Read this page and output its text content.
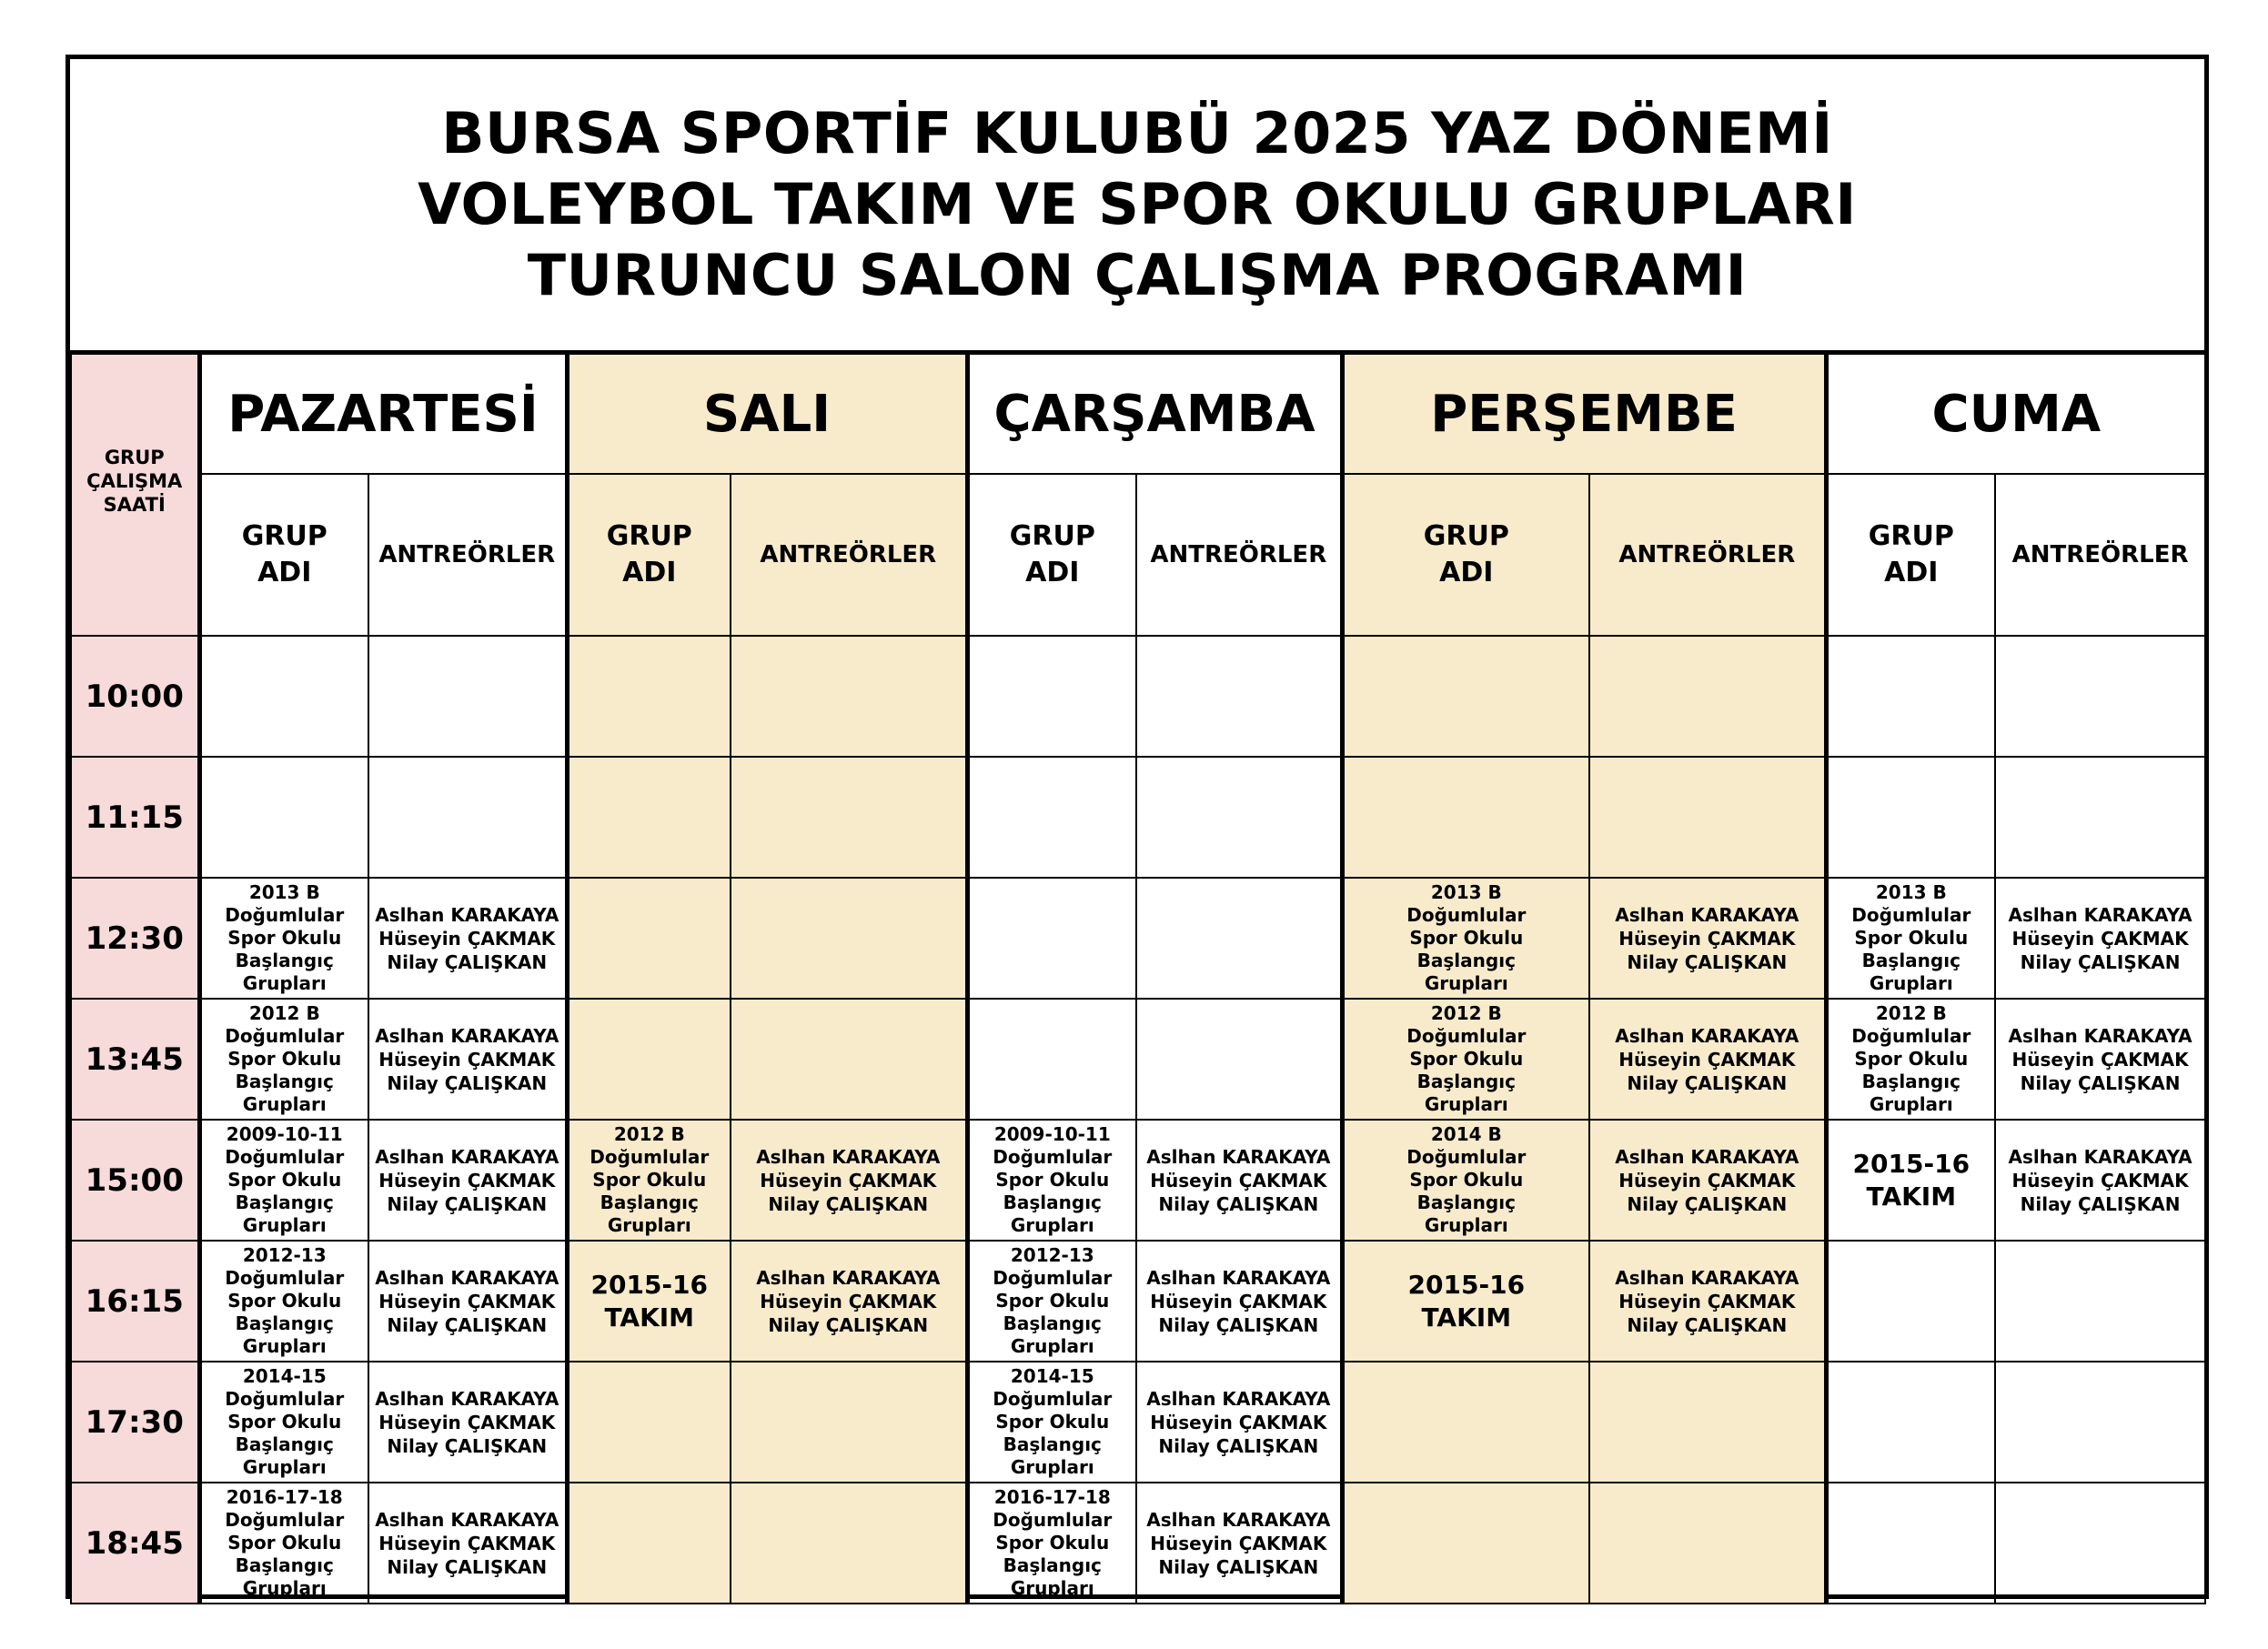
BURSA SPORTİF KULUBÜ 2025 YAZ DÖNEMİ
VOLEYBOL TAKIM VE SPOR OKULU GRUPLARI
TURUNCU SALON ÇALIŞMA PROGRAMI
GRUP
ÇALIŞMA
SAATİ	PAZARTESİ		SALI		ÇARŞAMBA		PERŞEMBE		CUMA	
	GRUP
ADI	ANTREÖRLER	GRUP
ADI	ANTREÖRLER	GRUP
ADI	ANTREÖRLER	GRUP
ADI	ANTREÖRLER	GRUP
ADI	ANTREÖRLER
10:00										
11:15										
12:30	2013 B
Doğumlular
Spor Okulu
Başlangıç
Grupları	Aslhan KARAKAYA
Hüseyin ÇAKMAK
Nilay ÇALIŞKAN					2013 B
Doğumlular
Spor Okulu
Başlangıç
Grupları	Aslhan KARAKAYA
Hüseyin ÇAKMAK
Nilay ÇALIŞKAN	2013 B
Doğumlular
Spor Okulu
Başlangıç
Grupları	Aslhan KARAKAYA
Hüseyin ÇAKMAK
Nilay ÇALIŞKAN
13:45	2012 B
Doğumlular
Spor Okulu
Başlangıç
Grupları	Aslhan KARAKAYA
Hüseyin ÇAKMAK
Nilay ÇALIŞKAN					2012 B
Doğumlular
Spor Okulu
Başlangıç
Grupları	Aslhan KARAKAYA
Hüseyin ÇAKMAK
Nilay ÇALIŞKAN	2012 B
Doğumlular
Spor Okulu
Başlangıç
Grupları	Aslhan KARAKAYA
Hüseyin ÇAKMAK
Nilay ÇALIŞKAN
15:00	2009-10-11
Doğumlular
Spor Okulu
Başlangıç
Grupları	Aslhan KARAKAYA
Hüseyin ÇAKMAK
Nilay ÇALIŞKAN	2012 B
Doğumlular
Spor Okulu
Başlangıç
Grupları	Aslhan KARAKAYA
Hüseyin ÇAKMAK
Nilay ÇALIŞKAN	2009-10-11
Doğumlular
Spor Okulu
Başlangıç
Grupları	Aslhan KARAKAYA
Hüseyin ÇAKMAK
Nilay ÇALIŞKAN	2014 B
Doğumlular
Spor Okulu
Başlangıç
Grupları	Aslhan KARAKAYA
Hüseyin ÇAKMAK
Nilay ÇALIŞKAN	2015-16
TAKIM	Aslhan KARAKAYA
Hüseyin ÇAKMAK
Nilay ÇALIŞKAN
16:15	2012-13
Doğumlular
Spor Okulu
Başlangıç
Grupları	Aslhan KARAKAYA
Hüseyin ÇAKMAK
Nilay ÇALIŞKAN	2015-16
TAKIM	Aslhan KARAKAYA
Hüseyin ÇAKMAK
Nilay ÇALIŞKAN	2012-13
Doğumlular
Spor Okulu
Başlangıç
Grupları	Aslhan KARAKAYA
Hüseyin ÇAKMAK
Nilay ÇALIŞKAN	2015-16
TAKIM	Aslhan KARAKAYA
Hüseyin ÇAKMAK
Nilay ÇALIŞKAN		
17:30	2014-15
Doğumlular
Spor Okulu
Başlangıç
Grupları	Aslhan KARAKAYA
Hüseyin ÇAKMAK
Nilay ÇALIŞKAN			2014-15
Doğumlular
Spor Okulu
Başlangıç
Grupları	Aslhan KARAKAYA
Hüseyin ÇAKMAK
Nilay ÇALIŞKAN				
18:45	2016-17-18
Doğumlular
Spor Okulu
Başlangıç
Grupları	Aslhan KARAKAYA
Hüseyin ÇAKMAK
Nilay ÇALIŞKAN			2016-17-18
Doğumlular
Spor Okulu
Başlangıç
Grupları	Aslhan KARAKAYA
Hüseyin ÇAKMAK
Nilay ÇALIŞKAN				
